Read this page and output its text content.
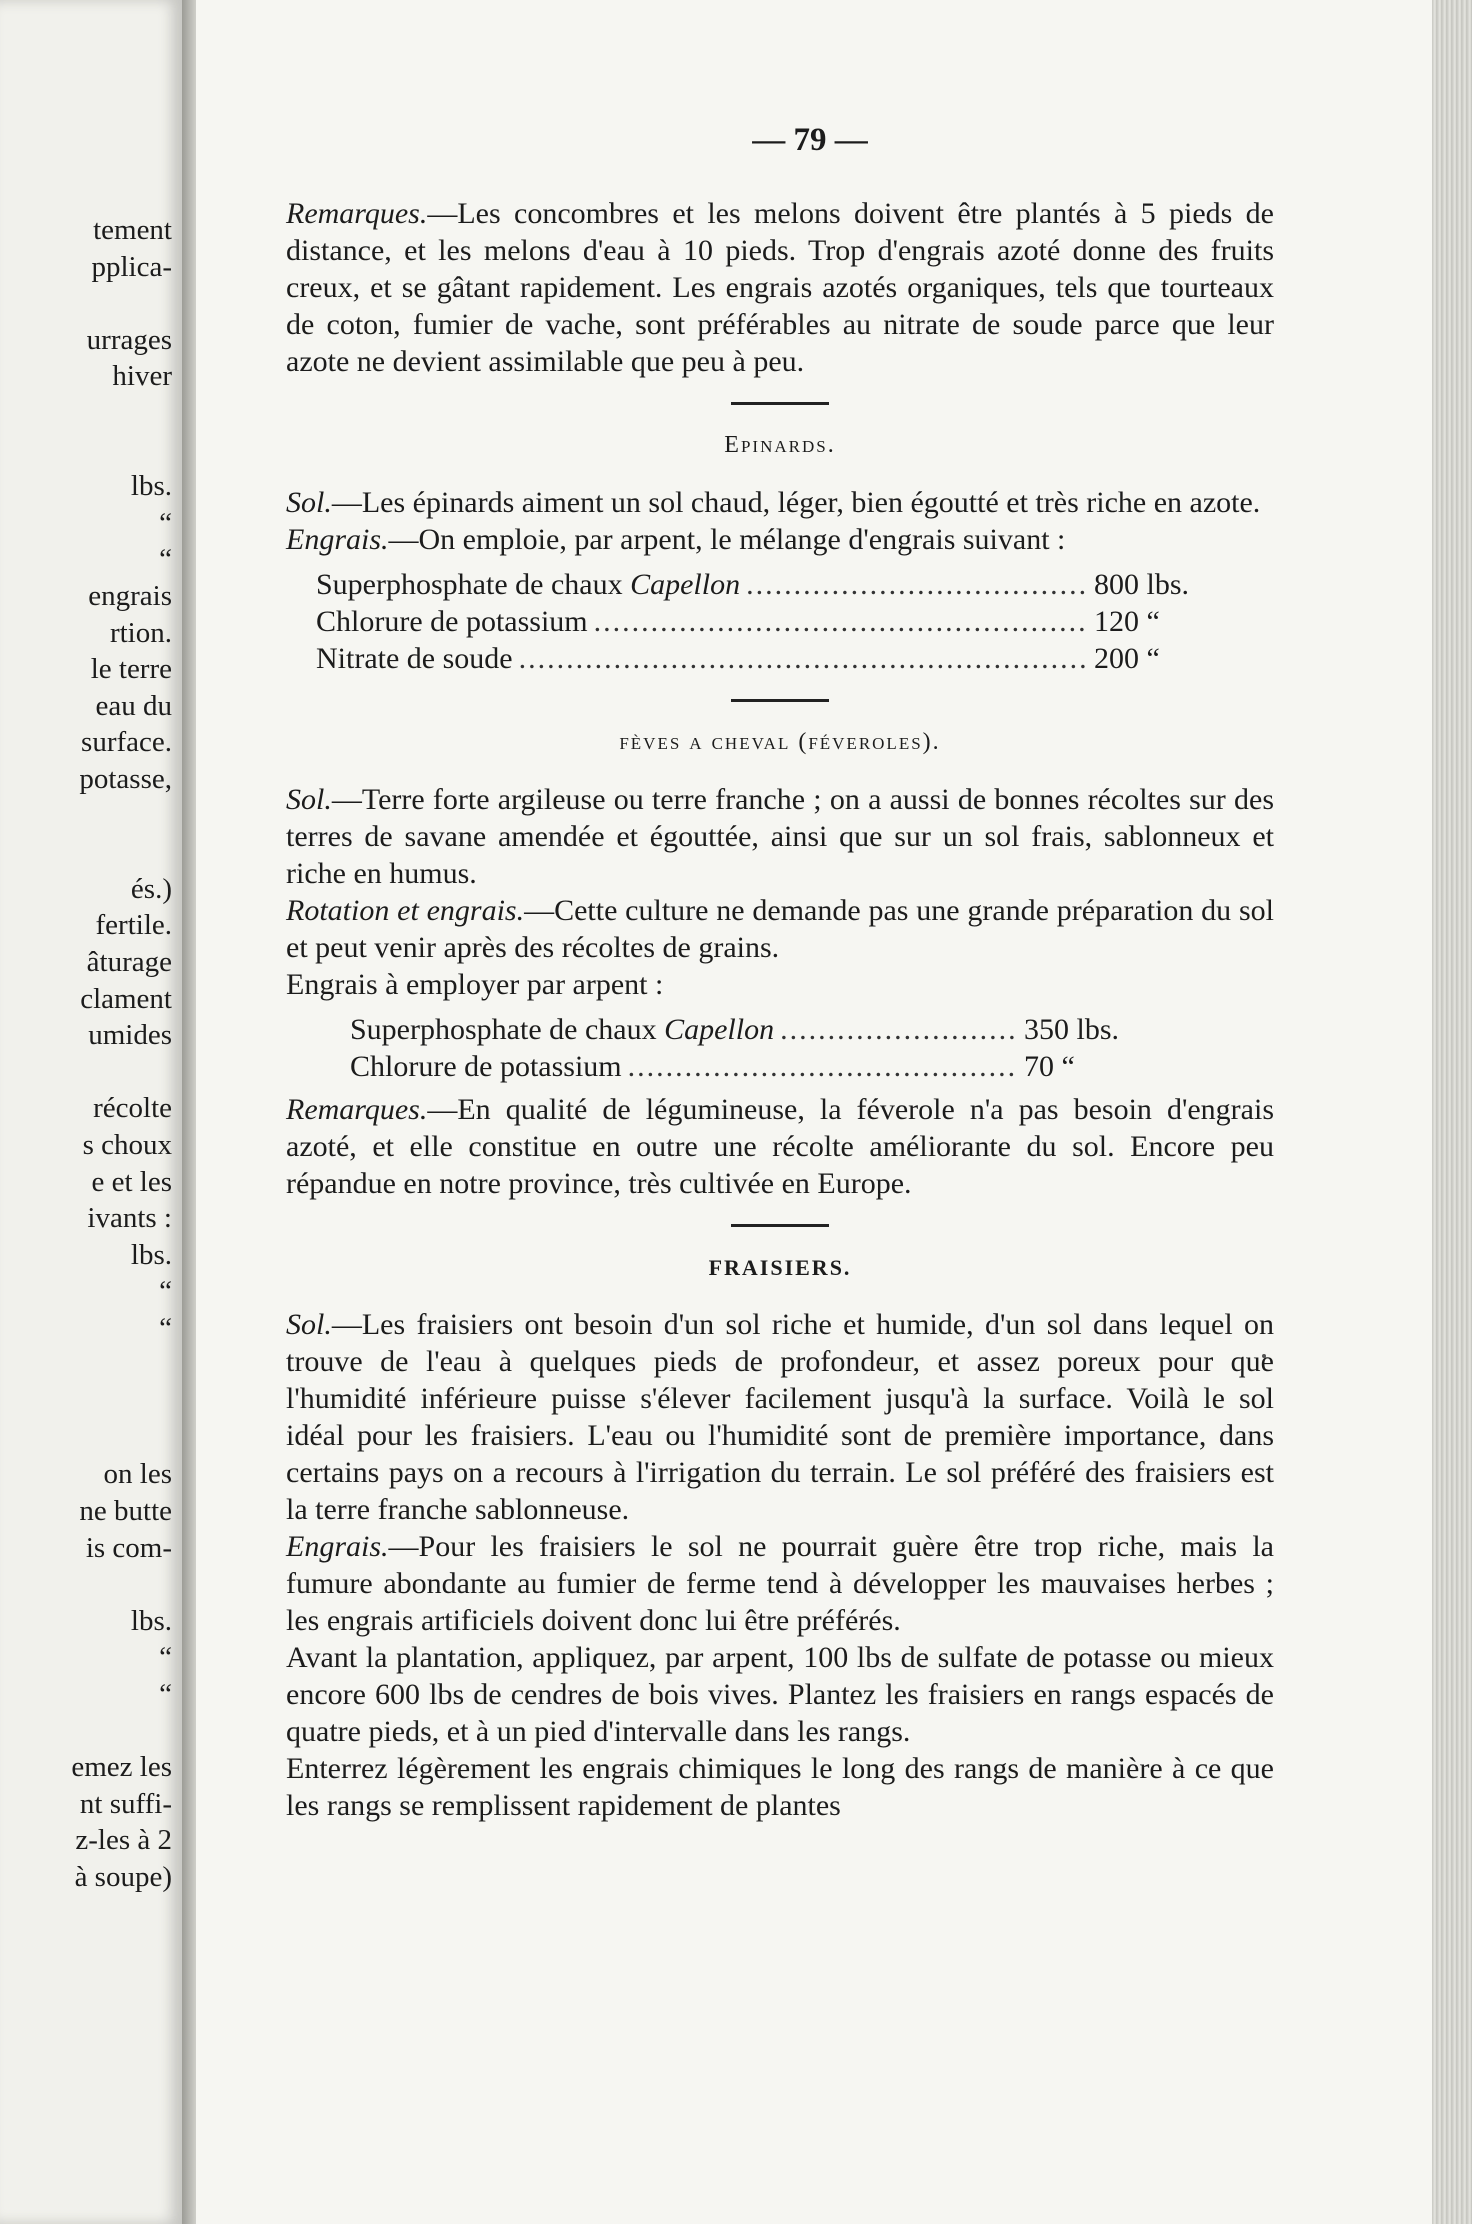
tement
pplica-
urrages
hiver
lbs.
“
“
engrais
rtion.
le terre
eau du
surface.
potasse,
és.)
fertile.
âturage
clament
umides
récolte
s choux
e et les
ivants :
lbs.
“
“
on les
ne butte
is com-
lbs.
“
“
emez les
nt suffi-
z-les à 2
à soupe)
— 79 —

Remarques.—Les concombres et les melons doivent être plantés à 5 pieds de distance, et les melons d'eau à 10 pieds. Trop d'engrais azoté donne des fruits creux, et se gâtant rapidement. Les engrais azotés organiques, tels que tourteaux de coton, fumier de vache, sont préférables au nitrate de soude parce que leur azote ne devient assimilable que peu à peu.

Epinards.

Sol.—Les épinards aiment un sol chaud, léger, bien égoutté et très riche en azote.

Engrais.—On emploie, par arpent, le mélange d'engrais suivant :

Superphosphate de chaux Capellon .....	800 lbs.
Chlorure de potassium .....	120 “
Nitrate de soude .....	200 “
fèves a cheval (féveroles).

Sol.—Terre forte argileuse ou terre franche ; on a aussi de bonnes récoltes sur des terres de savane amendée et égouttée, ainsi que sur un sol frais, sablonneux et riche en humus.

Rotation et engrais.—Cette culture ne demande pas une grande préparation du sol et peut venir après des récoltes de grains.

Engrais à employer par arpent :

Superphosphate de chaux Capellon .....	350 lbs.
Chlorure de potassium .....	70 “

Remarques.—En qualité de légumineuse, la féverole n'a pas besoin d'engrais azoté, et elle constitue en outre une récolte améliorante du sol. Encore peu répandue en notre province, très cultivée en Europe.

FRAISIERS.

Sol.—Les fraisiers ont besoin d'un sol riche et humide, d'un sol dans lequel on trouve de l'eau à quelques pieds de profondeur, et assez poreux pour que l'humidité inférieure puisse s'élever facilement jusqu'à la surface. Voilà le sol idéal pour les fraisiers. L'eau ou l'humidité sont de première importance, dans certains pays on a recours à l'irrigation du terrain. Le sol préféré des fraisiers est la terre franche sablonneuse.

Engrais.—Pour les fraisiers le sol ne pourrait guère être trop riche, mais la fumure abondante au fumier de ferme tend à développer les mauvaises herbes ; les engrais artificiels doivent donc lui être préférés.

Avant la plantation, appliquez, par arpent, 100 lbs de sulfate de potasse ou mieux encore 600 lbs de cendres de bois vives. Plantez les fraisiers en rangs espacés de quatre pieds, et à un pied d'intervalle dans les rangs.

Enterrez légèrement les engrais chimiques le long des rangs de manière à ce que les rangs se remplissent rapidement de plantes
